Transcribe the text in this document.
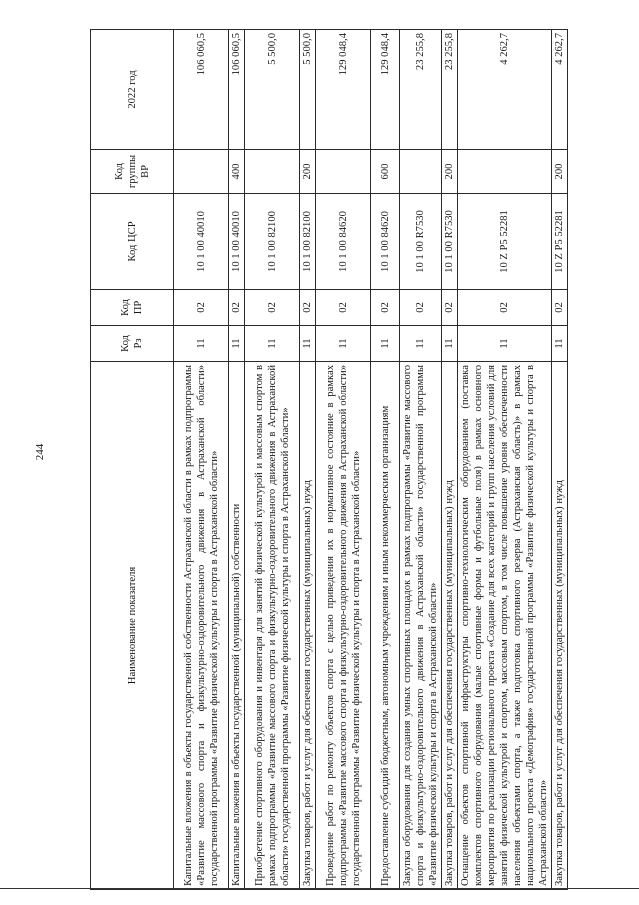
244
Наименование показателя	Код Рз	Код ПР	Код ЦСР	Код группы ВР	2022 год
Капитальные вложения в объекты государственной собственности Астраханской области в рамках подпрограммы «Развитие массового спорта и физкультурно-оздоровительного движения в Астраханской области» государственной программы «Развитие физической культуры и спорта в Астраханской области»	11	02	10 1 00 40010		106 060,5
Капитальные вложения в объекты государственной (муниципальной) собственности	11	02	10 1 00 40010	400	106 060,5
Приобретение спортивного оборудования и инвентаря для занятий физической культурой и массовым спортом в рамках подпрограммы «Развитие массового спорта и физкультурно-оздоровительного движения в Астраханской области» государственной программы «Развитие физической культуры и спорта в Астраханской области»	11	02	10 1 00 82100		5 500,0
Закупка товаров, работ и услуг для обеспечения государственных (муниципальных) нужд	11	02	10 1 00 82100	200	5 500,0
Проведение работ по ремонту объектов спорта с целью приведения их в нормативное состояние в рамках подпрограммы «Развитие массового спорта и физкультурно-оздоровительного движения в Астраханской области» государственной программы «Развитие физической культуры и спорта в Астраханской области»	11	02	10 1 00 84620		129 048,4
Предоставление субсидий бюджетным, автономным учреждениям и иным некоммерческим организациям	11	02	10 1 00 84620	600	129 048,4
Закупка оборудования для создания умных спортивных площадок в рамках подпрограммы «Развитие массового спорта и физкультурно-оздоровительного движения в Астраханской области» государственной программы «Развитие физической культуры и спорта в Астраханской области»	11	02	10 1 00 R7530		23 255,8
Закупка товаров, работ и услуг для обеспечения государственных (муниципальных) нужд	11	02	10 1 00 R7530	200	23 255,8
Оснащение объектов спортивной инфраструктуры спортивно-технологическим оборудованием (поставка комплектов спортивного оборудования (малые спортивные формы и футбольные поля) в рамках основного мероприятия по реализации регионального проекта «Создание для всех категорий и групп населения условий для занятий физической культурой и спортом, массовым спортом, в том числе повышение уровня обеспеченности населения объектами спорта, а также подготовка спортивного резерва (Астраханская область)» в рамках национального проекта «Демография» государственной программы «Развитие физической культуры и спорта в Астраханской области»	11	02	10 Z P5 52281		4 262,7
Закупка товаров, работ и услуг для обеспечения государственных (муниципальных) нужд	11	02	10 Z P5 52281	200	4 262,7
